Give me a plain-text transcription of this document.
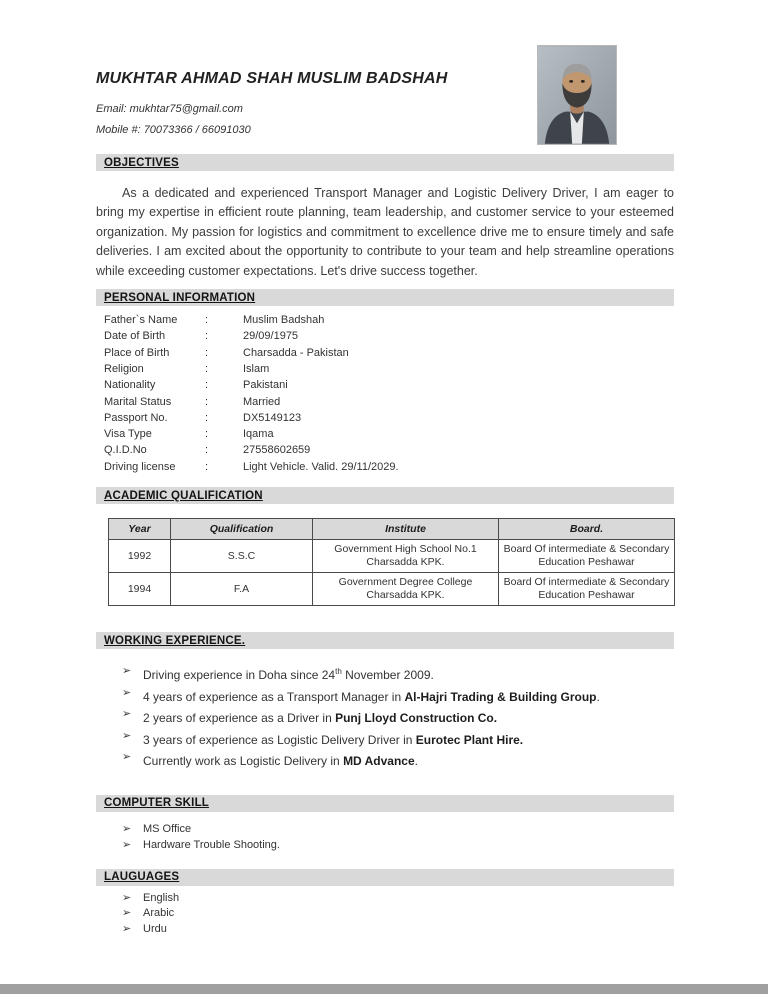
MUKHTAR AHMAD SHAH MUSLIM BADSHAH
Email: mukhtar75@gmail.com
Mobile #: 70073366 / 66091030
OBJECTIVES

As a dedicated and experienced Transport Manager and Logistic Delivery Driver, I am eager to bring my expertise in efficient route planning, team leadership, and customer service to your esteemed organization. My passion for logistics and commitment to excellence drive me to ensure timely and safe deliveries. I am excited about the opportunity to contribute to your team and help streamline operations while exceeding customer expectations. Let's drive success together.

PERSONAL INFORMATION
Father`s Name	:	Muslim Badshah
Date of Birth	:	29/09/1975
Place of Birth	:	Charsadda - Pakistan
Religion	:	Islam
Nationality	:	Pakistani
Marital Status	:	Married
Passport No.	:	DX5149123
Visa Type	:	Iqama
Q.I.D.No	:	27558602659
Driving license	:	Light Vehicle. Valid. 29/11/2029.
ACADEMIC QUALIFICATION
Year	Qualification	Institute	Board.
1992	S.S.C	Government High School No.1 Charsadda KPK.	Board Of intermediate & Secondary Education Peshawar
1994	F.A	Government Degree College Charsadda KPK.	Board Of intermediate & Secondary Education Peshawar
WORKING EXPERIENCE.
➢ Driving experience in Doha since 24th November 2009.
➢ 4 years of experience as a Transport Manager in Al-Hajri Trading & Building Group.
➢ 2 years of experience as a Driver in Punj Lloyd Construction Co.
➢ 3 years of experience as Logistic Delivery Driver in Eurotec Plant Hire.
➢ Currently work as Logistic Delivery in MD Advance.
COMPUTER SKILL
➢	MS Office
➢	Hardware Trouble Shooting.
LAUGUAGES
➢	English
➢	Arabic
➢	Urdu
